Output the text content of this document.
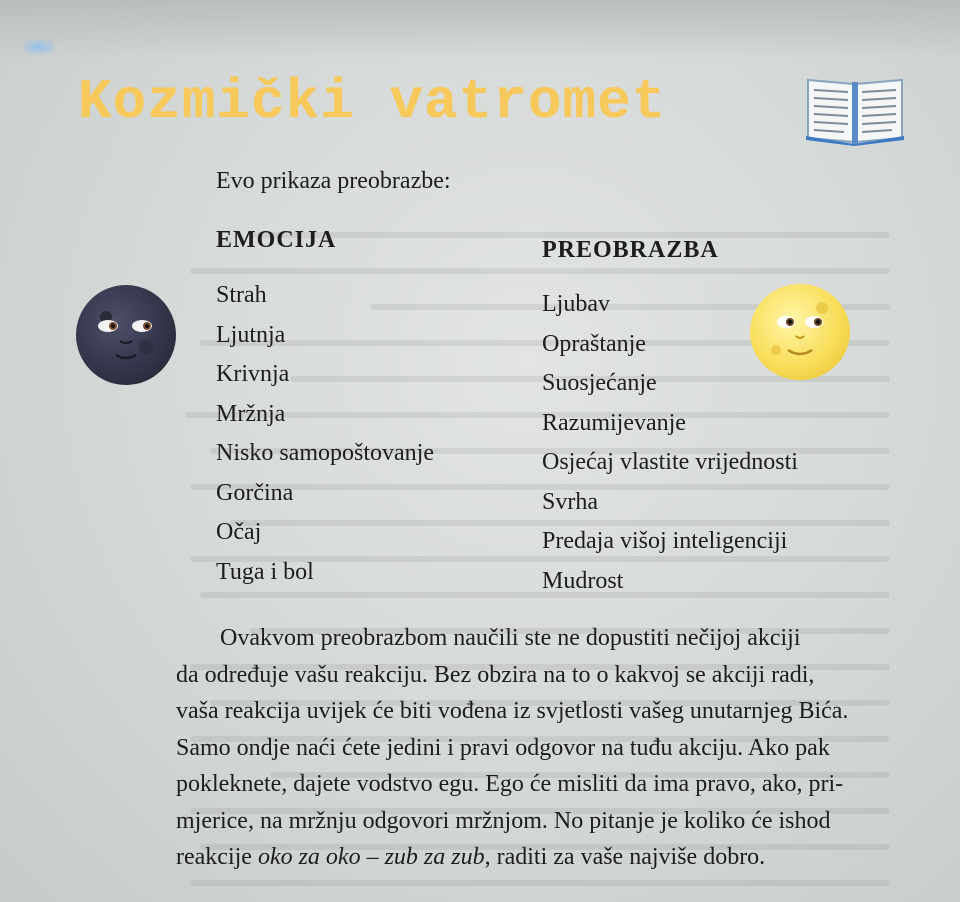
Kozmički vatromet
Evo prikaza preobrazbe:
EMOCIJA
Strah
Ljutnja
Krivnja
Mržnja
Nisko samopoštovanje
Gorčina
Očaj
Tuga i bol
PREOBRAZBA
Ljubav
Opraštanje
Suosjećanje
Razumijevanje
Osjećaj vlastite vrijednosti
Svrha
Predaja višoj inteligenciji
Mudrost
Ovakvom preobrazbom naučili ste ne dopustiti nečijoj akciji
da određuje vašu reakciju. Bez obzira na to o kakvoj se akciji radi,
vaša reakcija uvijek će biti vođena iz svjetlosti vašeg unutarnjeg Bića.
Samo ondje naći ćete jedini i pravi odgovor na tuđu akciju. Ako pak
pokleknete, dajete vodstvo egu. Ego će misliti da ima pravo, ako, pri-
mjerice, na mržnju odgovori mržnjom. No pitanje je koliko će ishod
reakcije oko za oko – zub za zub, raditi za vaše najviše dobro.
